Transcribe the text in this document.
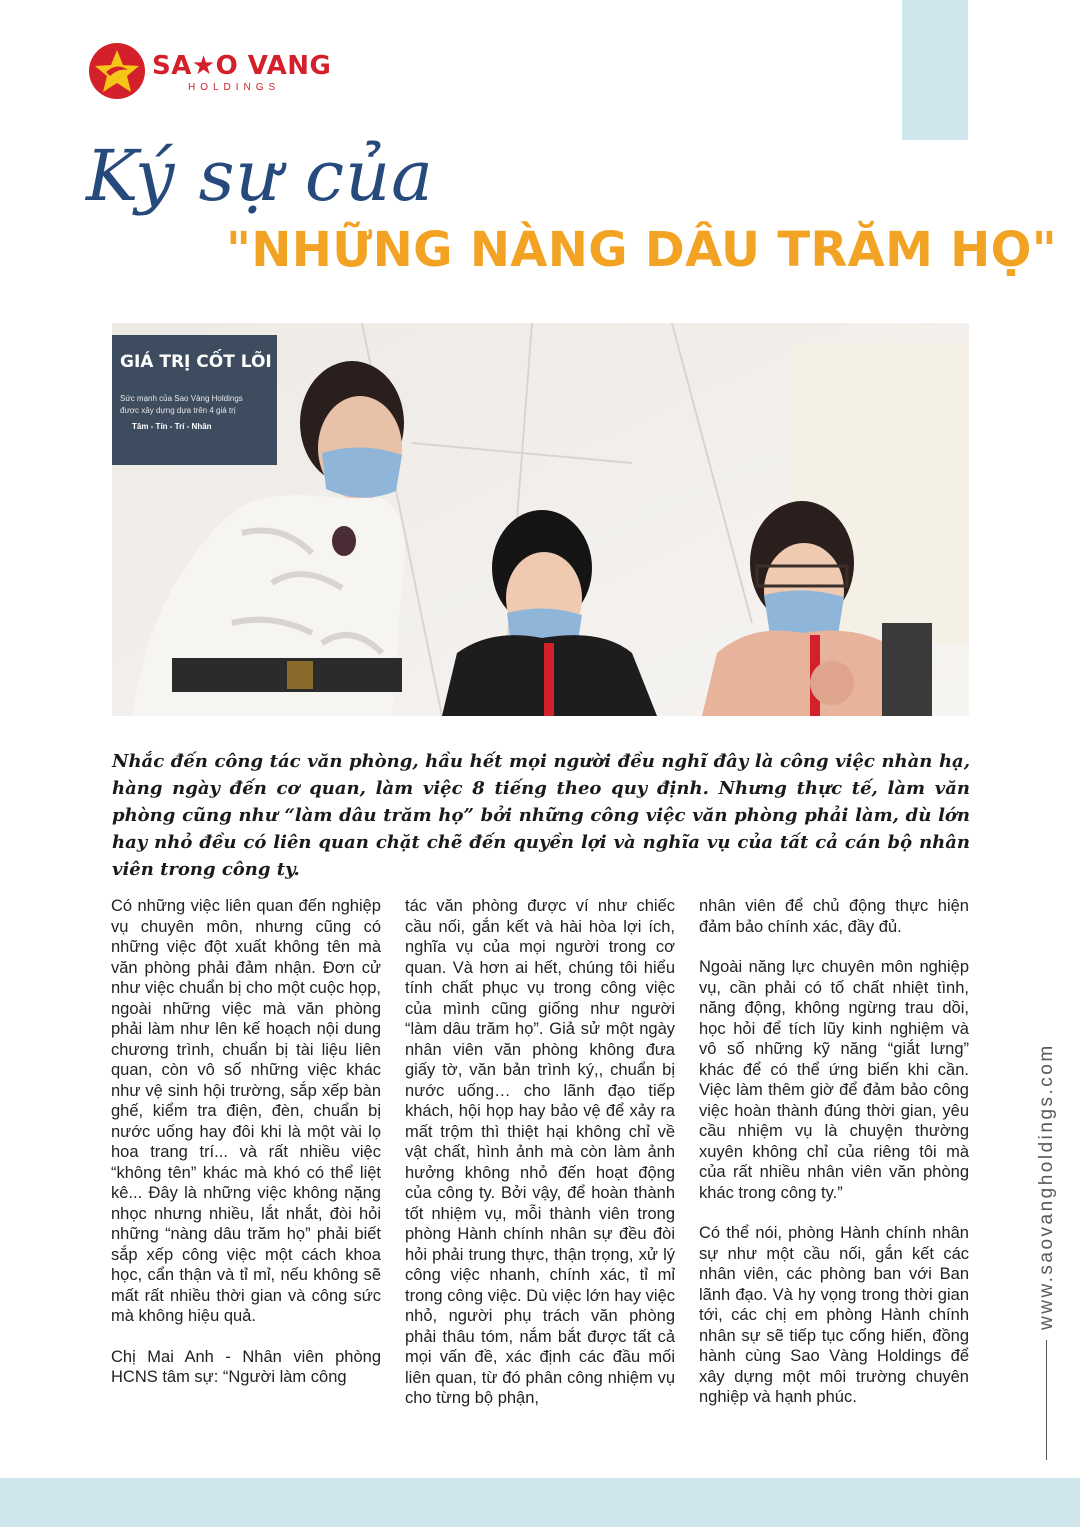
SA★O VANG
HOLDINGS
Ký sự của
"NHỮNG NÀNG DÂU TRĂM HỌ"
GIÁ TRỊ CỐT LÕI
Sức mạnh của Sao Vàng Holdings
được xây dựng dựa trên 4 giá trị
Tâm - Tín - Trí - Nhân
Nhắc đến công tác văn phòng, hầu hết mọi người đều nghĩ đây là công việc nhàn hạ, hàng ngày đến cơ quan, làm việc 8 tiếng theo quy định. Nhưng thực tế, làm văn phòng cũng như “làm dâu trăm họ” bởi những công việc văn phòng phải làm, dù lớn hay nhỏ đều có liên quan chặt chẽ đến quyền lợi và nghĩa vụ của tất cả cán bộ nhân viên trong công ty.

Có những việc liên quan đến nghiệp vụ chuyên môn, nhưng cũng có những việc đột xuất không tên mà văn phòng phải đảm nhận. Đơn cử như việc chuẩn bị cho một cuộc họp, ngoài những việc mà văn phòng phải làm như lên kế hoạch nội dung chương trình, chuẩn bị tài liệu liên quan, còn vô số những việc khác như vệ sinh hội trường, sắp xếp bàn ghế, kiểm tra điện, đèn, chuẩn bị nước uống hay đôi khi là một vài lọ hoa trang trí... và rất nhiều việc “không tên” khác mà khó có thể liệt kê... Đây là những việc không nặng nhọc nhưng nhiều, lắt nhắt, đòi hỏi những “nàng dâu trăm họ” phải biết sắp xếp công việc một cách khoa học, cẩn thận và tỉ mỉ, nếu không sẽ mất rất nhiều thời gian và công sức mà không hiệu quả.

Chị Mai Anh - Nhân viên phòng HCNS tâm sự: “Người làm công

tác văn phòng được ví như chiếc cầu nối, gắn kết và hài hòa lợi ích, nghĩa vụ của mọi người trong cơ quan. Và hơn ai hết, chúng tôi hiểu tính chất phục vụ trong công việc của mình cũng giống như người “làm dâu trăm họ”. Giả sử một ngày nhân viên văn phòng không đưa giấy tờ, văn bản trình ký,, chuẩn bị nước uống… cho lãnh đạo tiếp khách, hội họp hay bảo vệ để xảy ra mất trộm thì thiệt hại không chỉ về vật chất, hình ảnh mà còn làm ảnh hưởng không nhỏ đến hoạt động của công ty. Bởi vậy, để hoàn thành tốt nhiệm vụ, mỗi thành viên trong phòng Hành chính nhân sự đều đòi hỏi phải trung thực, thận trọng, xử lý công việc nhanh, chính xác, tỉ mỉ trong công việc. Dù việc lớn hay việc nhỏ, người phụ trách văn phòng phải thâu tóm, nắm bắt được tất cả mọi vấn đề, xác định các đầu mối liên quan, từ đó phân công nhiệm vụ cho từng bộ phận,

nhân viên để chủ động thực hiện đảm bảo chính xác, đầy đủ.

Ngoài năng lực chuyên môn nghiệp vụ, cần phải có tố chất nhiệt tình, năng động, không ngừng trau dồi, học hỏi để tích lũy kinh nghiệm và vô số những kỹ năng “giắt lưng” khác để có thể ứng biến khi cần. Việc làm thêm giờ để đảm bảo công việc hoàn thành đúng thời gian, yêu cầu nhiệm vụ là chuyện thường xuyên không chỉ của riêng tôi mà của rất nhiều nhân viên văn phòng khác trong công ty.”

Có thể nói, phòng Hành chính nhân sự như một cầu nối, gắn kết các nhân viên, các phòng ban với Ban lãnh đạo. Và hy vọng trong thời gian tới, các chị em phòng Hành chính nhân sự sẽ tiếp tục cống hiến, đồng hành cùng Sao Vàng Holdings để xây dựng một môi trường chuyên nghiệp và hạnh phúc.

www.saovangholdings.com
